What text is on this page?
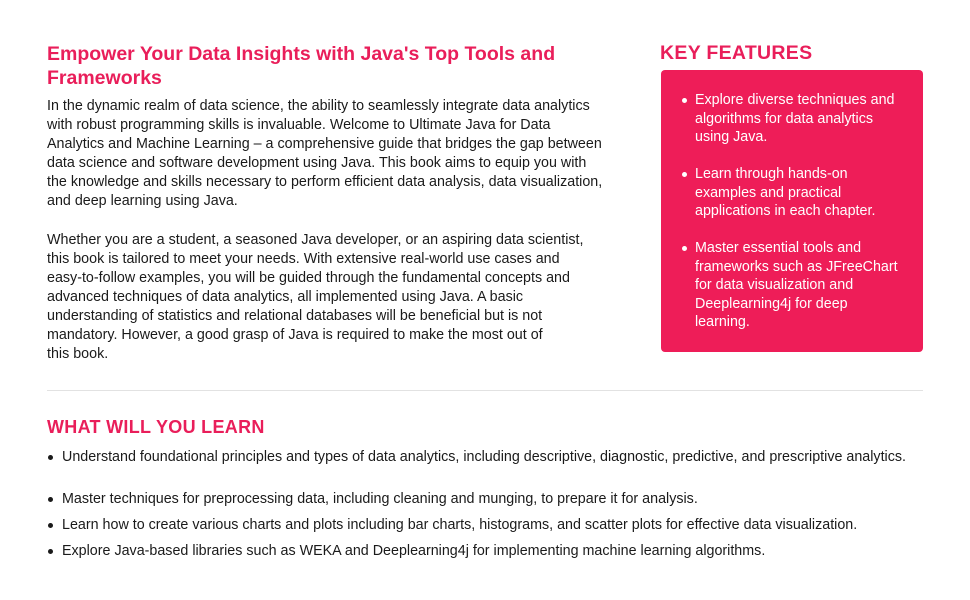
Empower Your Data Insights with Java's Top Tools and
Frameworks
In the dynamic realm of data science, the ability to seamlessly integrate data analytics
with robust programming skills is invaluable. Welcome to Ultimate Java for Data
Analytics and Machine Learning – a comprehensive guide that bridges the gap between
data science and software development using Java. This book aims to equip you with
the knowledge and skills necessary to perform efficient data analysis, data visualization,
and deep learning using Java.
Whether you are a student, a seasoned Java developer, or an aspiring data scientist,
this book is tailored to meet your needs. With extensive real-world use cases and
easy-to-follow examples, you will be guided through the fundamental concepts and
advanced techniques of data analytics, all implemented using Java. A basic
understanding of statistics and relational databases will be beneficial but is not
mandatory. However, a good grasp of Java is required to make the most out of
this book.
KEY FEATURES
Explore diverse techniques and
algorithms for data analytics
using Java.
Learn through hands-on
examples and practical
applications in each chapter.
Master essential tools and
frameworks such as JFreeChart
for data visualization and
Deeplearning4j for deep
learning.
WHAT WILL YOU LEARN
Understand foundational principles and types of data analytics, including descriptive, diagnostic, predictive, and prescriptive analytics.
Master techniques for preprocessing data, including cleaning and munging, to prepare it for analysis.
Learn how to create various charts and plots including bar charts, histograms, and scatter plots for effective data visualization.
Explore Java-based libraries such as WEKA and Deeplearning4j for implementing machine learning algorithms.
